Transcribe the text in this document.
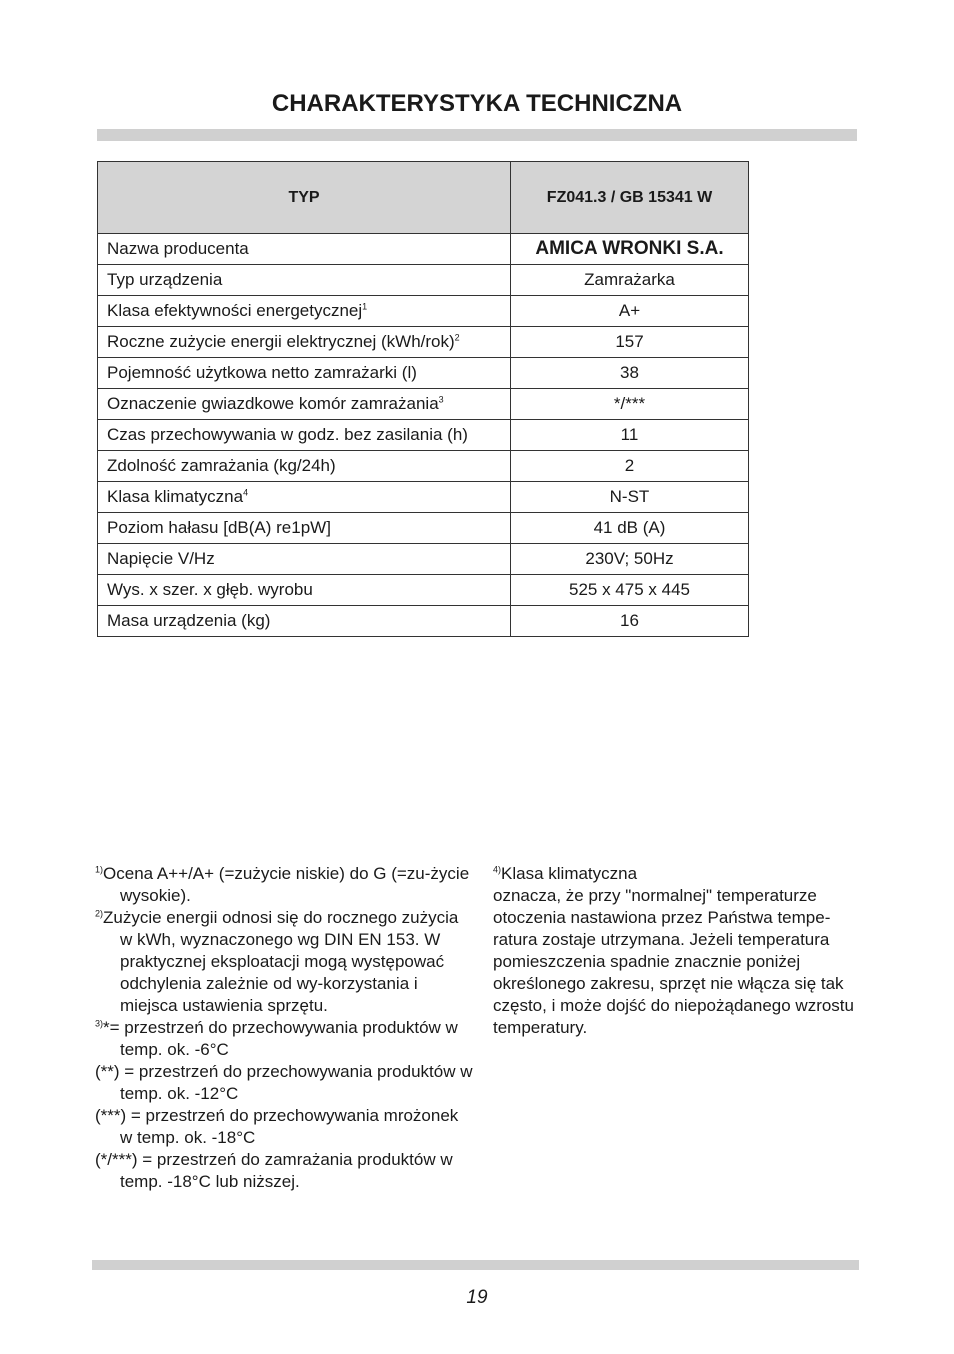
CHARAKTERYSTYKA TECHNICZNA
TYP	FZ041.3 / GB 15341 W
Nazwa producenta	AMICA WRONKI S.A.
Typ urządzenia	Zamrażarka
Klasa efektywności energetycznej$^1$	A+
Roczne zużycie energii elektrycznej $(kWh/rok)^2$	157
Pojemność użytkowa netto zamrażarki (l)	38
Oznaczenie gwiazdkowe komór zamrażania$^3$	*/***
Czas przechowywania w godz. bez zasilania (h)	11
Zdolność zamrażania (kg/24h)	2
Klasa klimatyczna$^4$	N-ST
Poziom hałasu [dB(A) re1pW]	41 dB (A)
Napięcie V/Hz	230V; 50Hz
Wys. x szer. x głęb. wyrobu	525 x 475 x 445
Masa urządzenia (kg)	16
$^{1)}$Ocena A++/A+ (=zużycie niskie) do G (=zu-życie wysokie).
$^{2)}$Zużycie energii odnosi się do rocznego zużycia w kWh, wyznaczonego wg DIN EN 153. W praktycznej eksploatacji mogą występować odchylenia zależnie od wy-korzystania i miejsca ustawienia sprzętu.
$^{3)}$*= przestrzeń do przechowywania produktów w temp. ok. -6°C
(**) = przestrzeń do przechowywania produktów w temp. ok. -12°C
(***) = przestrzeń do przechowywania mrożonek w temp. ok. -18°C
(*/***) = przestrzeń do zamrażania produktów w temp. -18°C lub niższej.
$^{4)}$Klasa klimatyczna
oznacza, że przy "normalnej" temperaturze otoczenia nastawiona przez Państwa tempe-ratura zostaje utrzymana. Jeżeli temperatura pomieszczenia spadnie znacznie poniżej określonego zakresu, sprzęt nie włącza się tak często, i może dojść do niepożądanego wzrostu temperatury.
19
